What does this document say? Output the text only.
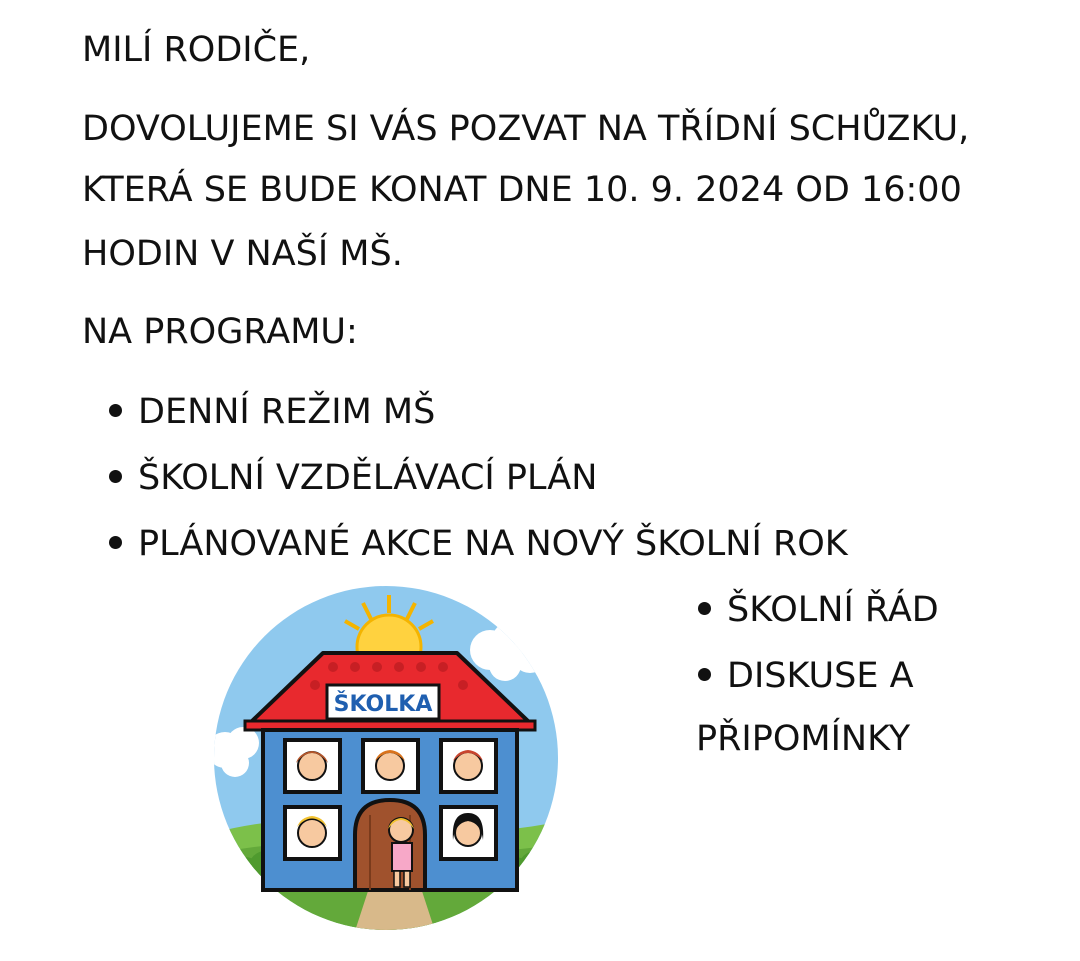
MILÍ RODIČE,
DOVOLUJEME SI VÁS POZVAT NA TŘÍDNÍ SCHŮZKU,
KTERÁ SE BUDE KONAT DNE 10. 9. 2024 OD 16:00
HODIN V NAŠÍ MŠ.
NA PROGRAMU:
DENNÍ REŽIM MŠ
ŠKOLNÍ VZDĚLÁVACÍ PLÁN
PLÁNOVANÉ AKCE NA NOVÝ ŠKOLNÍ ROK
ŠKOLNÍ ŘÁD
DISKUSE A
PŘIPOMÍNKY
ŠKOLKA
